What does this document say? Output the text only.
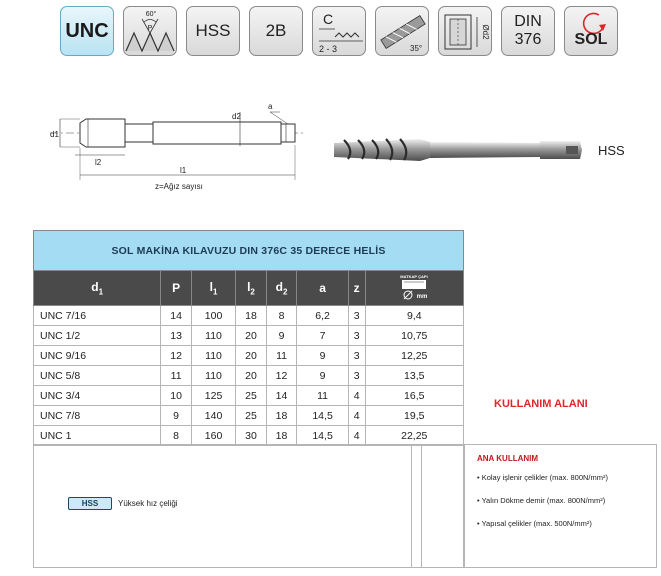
UNC
60°
P	HSS 2B
C
2 - 3	35°
Ød2
DIN
376	SOL
a
d1
d2
l2
l1
z=Ağız sayısı
HSS
SOL MAKİNA KILAVUZU DIN 376C 35 DERECE HELİS							
$d_1$	P	$l_1$	$l_2$	$d_2$	a	z	MATKAP ÇAPI
mm

UNC 7/16	14	100	18	8	6,2	3	9,4
UNC 1/2	13	110	20	9	7	3	10,75
UNC 9/16	12	110	20	11	9	3	12,25
UNC 5/8	11	110	20	12	9	3	13,5
UNC 3/4	10	125	25	14	11	4	16,5
UNC 7/8	9	140	25	18	14,5	4	19,5
UNC 1	8	160	30	18	14,5	4	22,25
HSS	Yüksek hız çeliği
KULLANIM ALANI
ANA KULLANIM
• Kolay işlenir çelikler (max. 800N/mm²)
• Yalın Dökme demir (max. 800N/mm²)
• Yapısal çelikler (max. 500N/mm²)
